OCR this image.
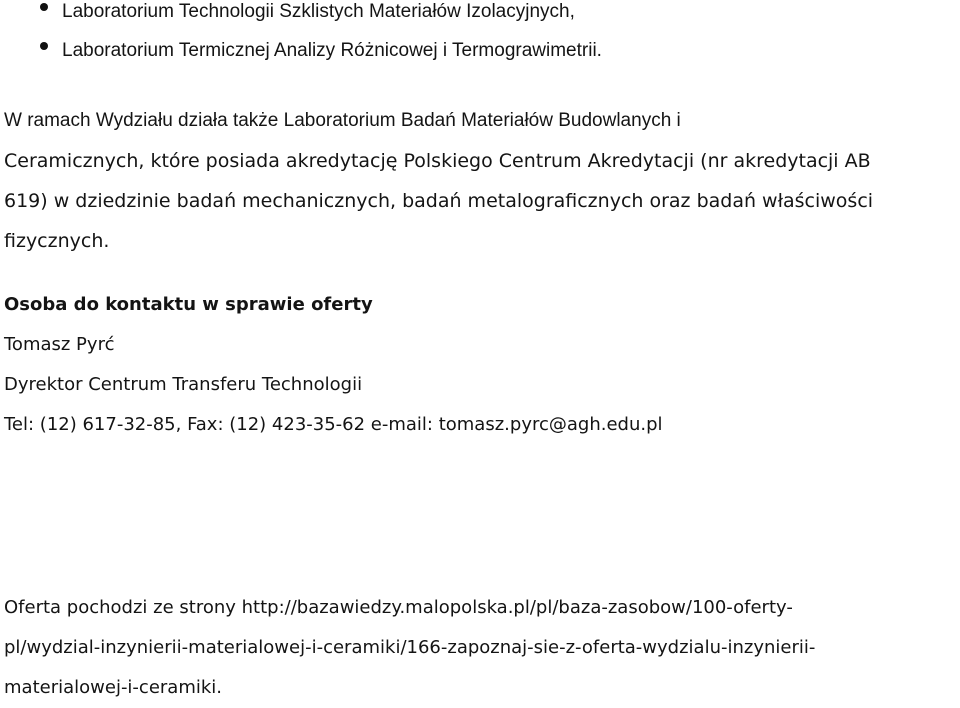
Laboratorium Technologii Szklistych Materiałów Izolacyjnych,
Laboratorium Termicznej Analizy Różnicowej i Termograwimetrii.
W ramach Wydziału działa także Laboratorium Badań Materiałów Budowlanych i
Ceramicznych, które posiada akredytację Polskiego Centrum Akredytacji (nr akredytacji AB
619) w dziedzinie badań mechanicznych, badań metalograficznych oraz badań właściwości
fizycznych.
Osoba do kontaktu w sprawie oferty
Tomasz Pyrć
Dyrektor Centrum Transferu Technologii
Tel: (12) 617-32-85, Fax: (12) 423-35-62 e-mail: tomasz.pyrc@agh.edu.pl
Oferta pochodzi ze strony http://bazawiedzy.malopolska.pl/pl/baza-zasobow/100-oferty-
pl/wydzial-inzynierii-materialowej-i-ceramiki/166-zapoznaj-sie-z-oferta-wydzialu-inzynierii-
materialowej-i-ceramiki.
